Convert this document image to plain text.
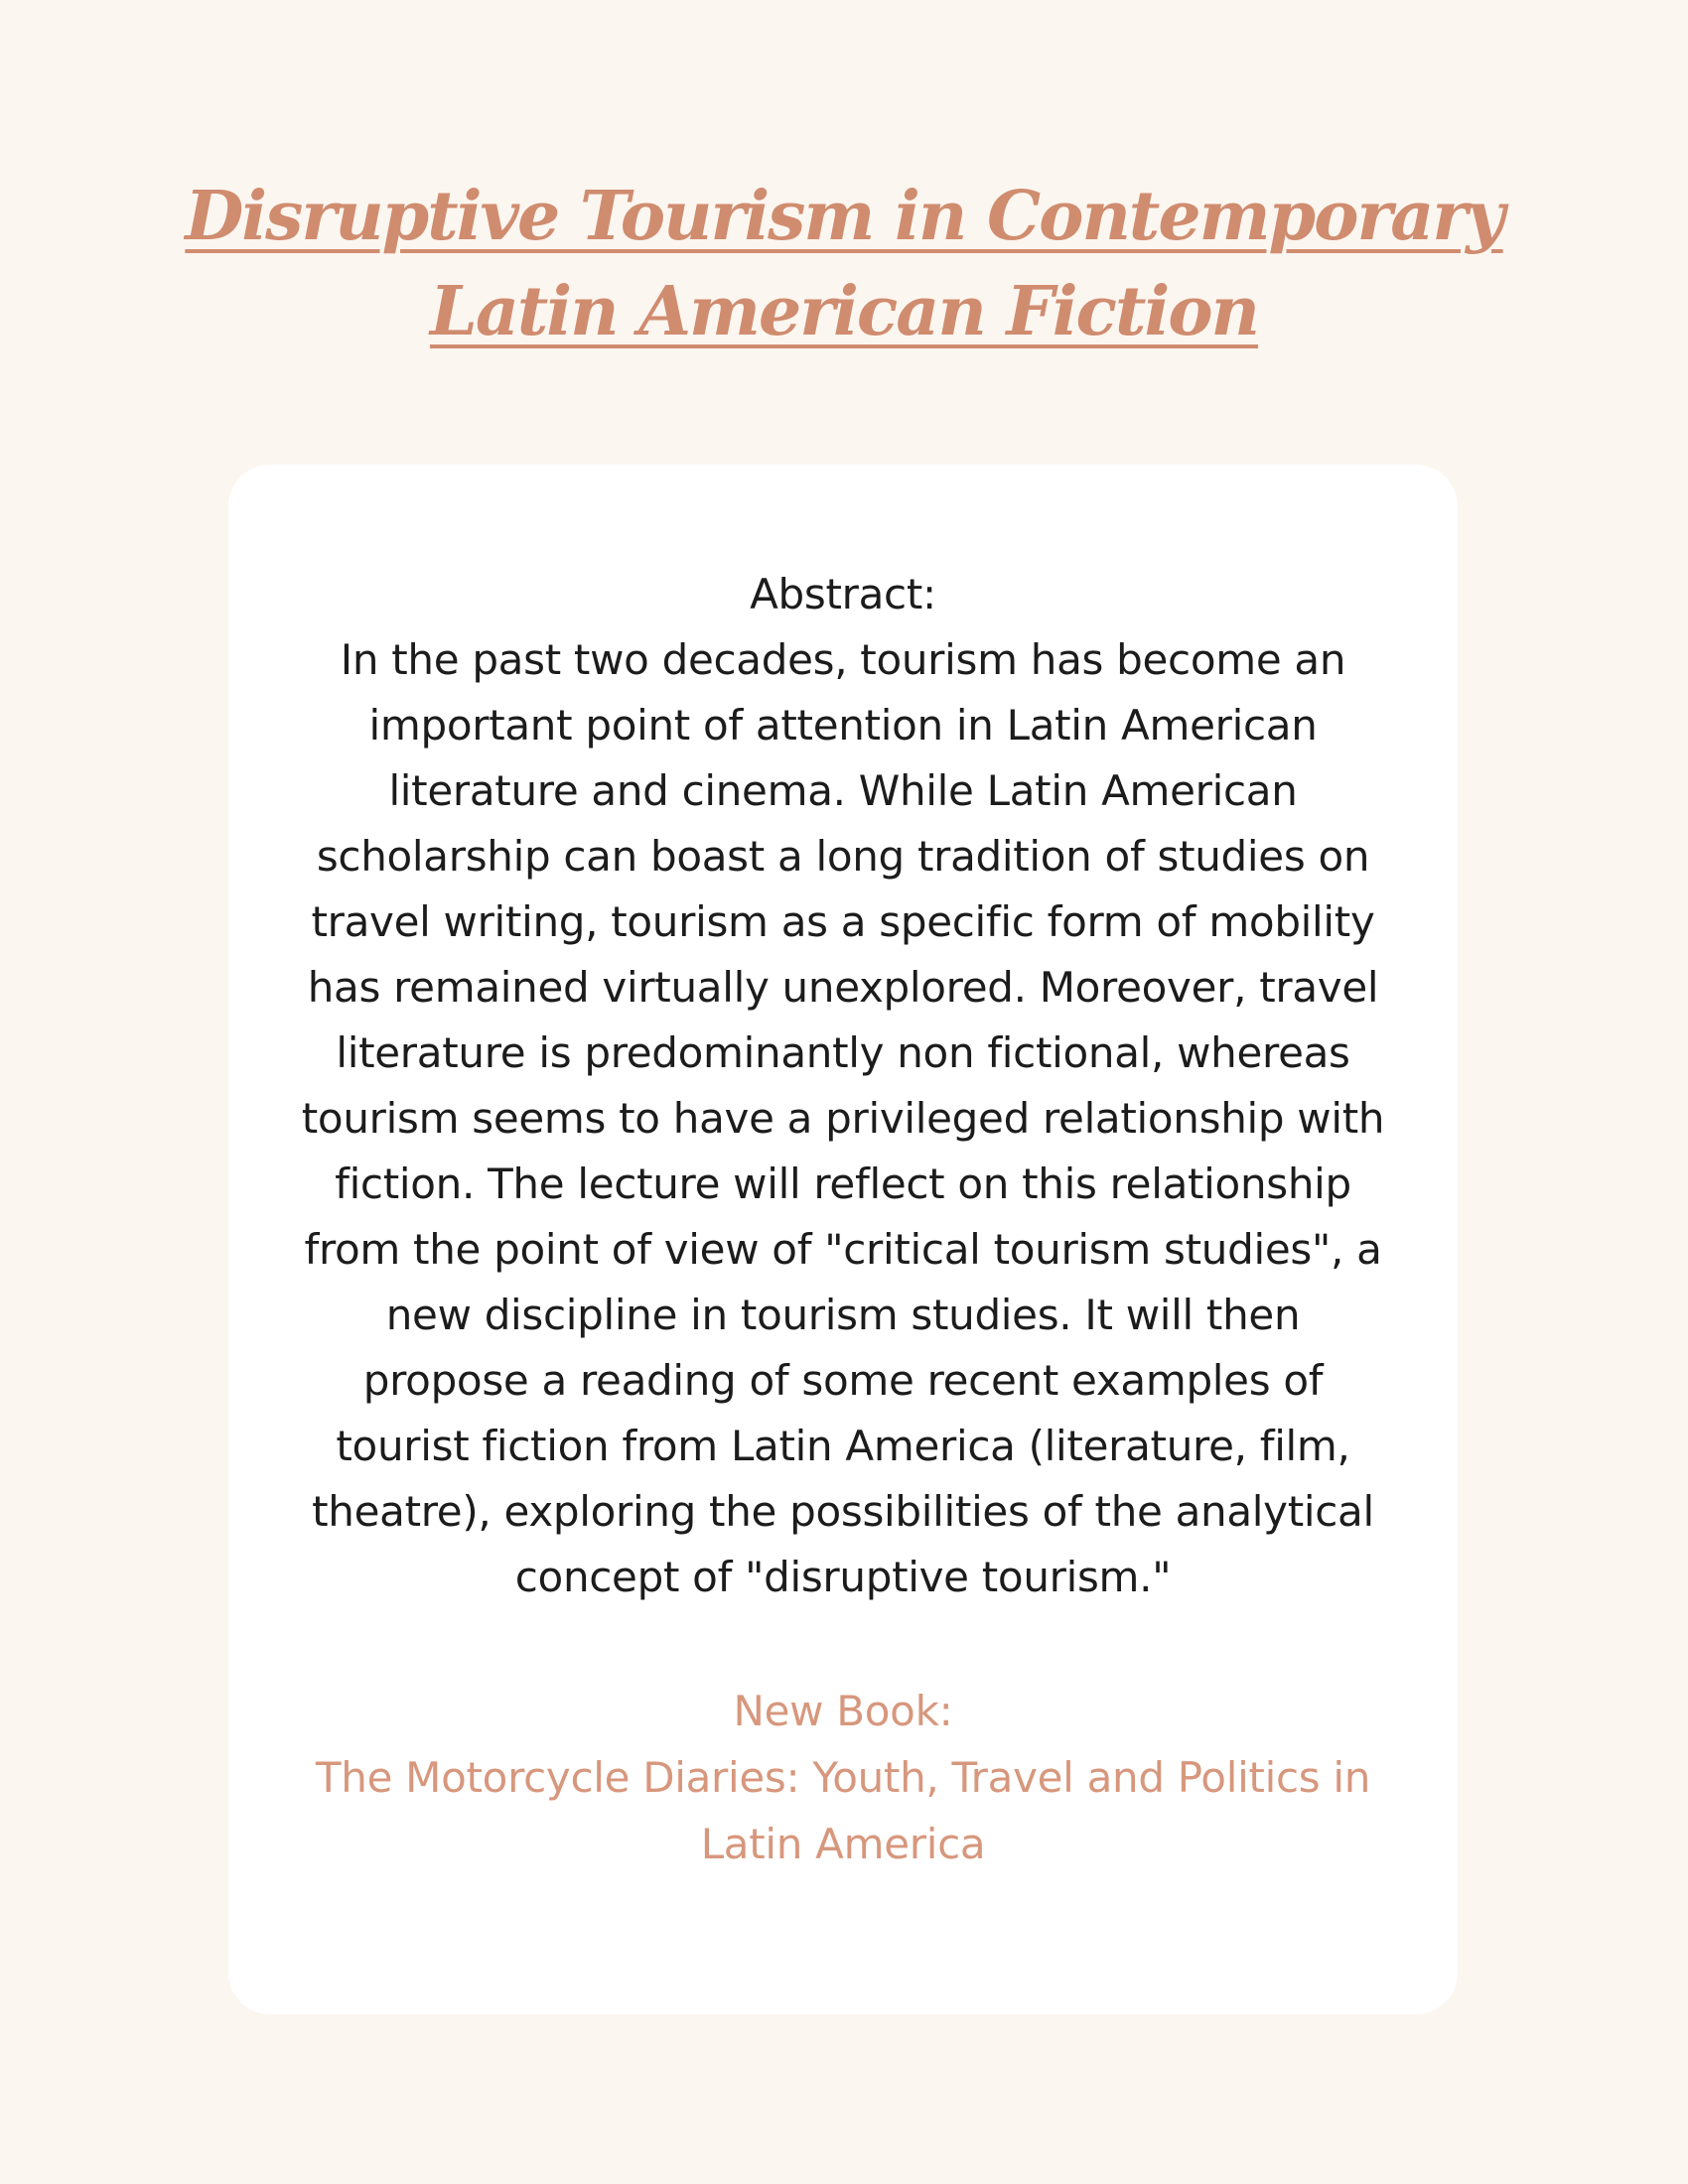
Disruptive Tourism in Contemporary Latin American Fiction
Abstract:
In the past two decades, tourism has become an important point of attention in Latin American literature and cinema. While Latin American scholarship can boast a long tradition of studies on travel writing, tourism as a specific form of mobility has remained virtually unexplored. Moreover, travel literature is predominantly non fictional, whereas tourism seems to have a privileged relationship with fiction. The lecture will reflect on this relationship from the point of view of "critical tourism studies", a new discipline in tourism studies. It will then propose a reading of some recent examples of tourist fiction from Latin America (literature, film, theatre), exploring the possibilities of the analytical concept of "disruptive tourism."
New Book:
The Motorcycle Diaries: Youth, Travel and Politics in Latin America
